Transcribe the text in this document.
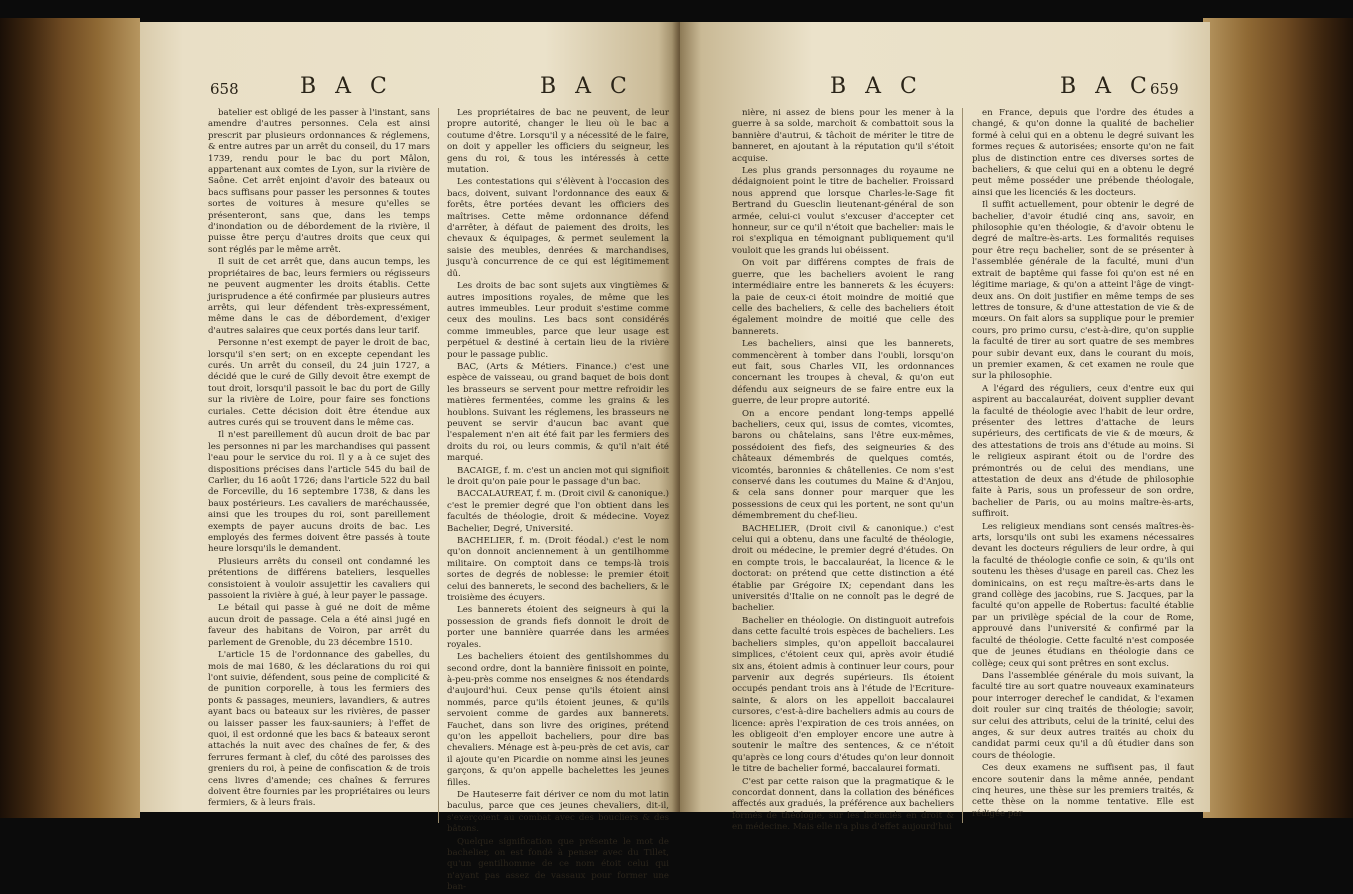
658	B A C	B A C

batelier est obligé de les passer à l'instant, sans amendre d'autres personnes. Cela est ainsi prescrit par plusieurs ordonnances & réglemens, & entre autres par un arrêt du conseil, du 17 mars 1739, rendu pour le bac du port Mâlon, appartenant aux comtes de Lyon, sur la rivière de Saône. Cet arrêt enjoint d'avoir des bateaux ou bacs suffisans pour passer les personnes & toutes sortes de voitures à mesure qu'elles se présenteront, sans que, dans les temps d'inondation ou de débordement de la rivière, il puisse être perçu d'autres droits que ceux qui sont réglés par le même arrêt.

Il suit de cet arrêt que, dans aucun temps, les propriétaires de bac, leurs fermiers ou régisseurs ne peuvent augmenter les droits établis. Cette jurisprudence a été confirmée par plusieurs autres arrêts, qui leur défendent très-expressément, même dans le cas de débordement, d'exiger d'autres salaires que ceux portés dans leur tarif.

Personne n'est exempt de payer le droit de bac, lorsqu'il s'en sert; on en excepte cependant les curés. Un arrêt du conseil, du 24 juin 1727, a décidé que le curé de Gilly devoit être exempt de tout droit, lorsqu'il passoit le bac du port de Gilly sur la rivière de Loire, pour faire ses fonctions curiales. Cette décision doit être étendue aux autres curés qui se trouvent dans le même cas.

Il n'est pareillement dû aucun droit de bac par les personnes ni par les marchandises qui passent l'eau pour le service du roi. Il y a à ce sujet des dispositions précises dans l'article 545 du bail de Carlier, du 16 août 1726; dans l'article 522 du bail de Forceville, du 16 septembre 1738, & dans les baux postérieurs. Les cavaliers de maréchaussée, ainsi que les troupes du roi, sont pareillement exempts de payer aucuns droits de bac. Les employés des fermes doivent être passés à toute heure lorsqu'ils le demandent.

Plusieurs arrêts du conseil ont condamné les prétentions de différens bateliers, lesquelles consistoient à vouloir assujettir les cavaliers qui passoient la rivière à gué, à leur payer le passage.

Le bétail qui passe à gué ne doit de même aucun droit de passage. Cela a été ainsi jugé en faveur des habitans de Voiron, par arrêt du parlement de Grenoble, du 23 décembre 1510.

L'article 15 de l'ordonnance des gabelles, du mois de mai 1680, & les déclarations du roi qui l'ont suivie, défendent, sous peine de complicité & de punition corporelle, à tous les fermiers des ponts & passages, meuniers, lavandiers, & autres ayant bacs ou bateaux sur les rivières, de passer ou laisser passer les faux-sauniers; à l'effet de quoi, il est ordonné que les bacs & bateaux seront attachés la nuit avec des chaînes de fer, & des ferrures fermant à clef, du côté des paroisses des greniers du roi, à peine de confiscation & de trois cens livres d'amende; ces chaînes & ferrures doivent être fournies par les propriétaires ou leurs fermiers, & à leurs frais.

Les propriétaires de bac ne peuvent, de leur propre autorité, changer le lieu où le bac a coutume d'être. Lorsqu'il y a nécessité de le faire, on doit y appeller les officiers du seigneur, les gens du roi, & tous les intéressés à cette mutation.

Les contestations qui s'élèvent à l'occasion des bacs, doivent, suivant l'ordonnance des eaux & forêts, être portées devant les officiers des maîtrises. Cette même ordonnance défend d'arrêter, à défaut de paiement des droits, les chevaux & équipages, & permet seulement la saisie des meubles, denrées & marchandises, jusqu'à concurrence de ce qui est légitimement dû.

Les droits de bac sont sujets aux vingtièmes & autres impositions royales, de même que les autres immeubles. Leur produit s'estime comme ceux des moulins. Les bacs sont considérés comme immeubles, parce que leur usage est perpétuel & destiné à certain lieu de la rivière pour le passage public.

BAC, (Arts & Métiers. Finance.) c'est une espèce de vaisseau, ou grand baquet de bois dont les brasseurs se servent pour mettre refroidir les matières fermentées, comme les grains & les houblons. Suivant les réglemens, les brasseurs ne peuvent se servir d'aucun bac avant que l'espalement n'en ait été fait par les fermiers des droits du roi, ou leurs commis, & qu'il n'ait été marqué.

BACAIGE, f. m. c'est un ancien mot qui signifioit le droit qu'on paie pour le passage d'un bac.

BACCALAUREAT, f. m. (Droit civil & canonique.) c'est le premier degré que l'on obtient dans les facultés de théologie, droit & médecine. Voyez Bachelier, Degré, Université.

BACHELIER, f. m. (Droit féodal.) c'est le nom qu'on donnoit anciennement à un gentilhomme militaire. On comptoit dans ce temps-là trois sortes de degrés de noblesse: le premier étoit celui des bannerets, le second des bacheliers, & le troisième des écuyers.

Les bannerets étoient des seigneurs à qui la possession de grands fiefs donnoit le droit de porter une bannière quarrée dans les armées royales.

Les bacheliers étoient des gentilshommes du second ordre, dont la bannière finissoit en pointe, à-peu-près comme nos enseignes & nos étendards d'aujourd'hui. Ceux pense qu'ils étoient ainsi nommés, parce qu'ils étoient jeunes, & qu'ils servoient comme de gardes aux bannerets. Fauchet, dans son livre des origines, prétend qu'on les appelloit bacheliers, pour dire bas chevaliers. Ménage est à-peu-près de cet avis, car il ajoute qu'en Picardie on nomme ainsi les jeunes garçons, & qu'on appelle bachelettes les jeunes filles.

De Hauteserre fait dériver ce nom du mot latin baculus, parce que ces jeunes chevaliers, dit-il, s'exerçoient au combat avec des boucliers & des bâtons.

Quelque signification que présente le mot de bachelier, on est fondé à penser avec du Tillet, qu'un gentilhomme de ce nom étoit celui qui n'ayant pas assez de vassaux pour former une ban-

B A C	B A C
659

nière, ni assez de biens pour les mener à la guerre à sa solde, marchoit & combattoit sous la bannière d'autrui, & tâchoit de mériter le titre de banneret, en ajoutant à la réputation qu'il s'étoit acquise.

Les plus grands personnages du royaume ne dédaignoient point le titre de bachelier. Froissard nous apprend que lorsque Charles-le-Sage fit Bertrand du Guesclin lieutenant-général de son armée, celui-ci voulut s'excuser d'accepter cet honneur, sur ce qu'il n'étoit que bachelier: mais le roi s'expliqua en témoignant publiquement qu'il vouloit que les grands lui obéissent.

On voit par différens comptes de frais de guerre, que les bacheliers avoient le rang intermédiaire entre les bannerets & les écuyers: la paie de ceux-ci étoit moindre de moitié que celle des bacheliers, & celle des bacheliers étoit également moindre de moitié que celle des bannerets.

Les bacheliers, ainsi que les bannerets, commencèrent à tomber dans l'oubli, lorsqu'on eut fait, sous Charles VII, les ordonnances concernant les troupes à cheval, & qu'on eut défendu aux seigneurs de se faire entre eux la guerre, de leur propre autorité.

On a encore pendant long-temps appellé bacheliers, ceux qui, issus de comtes, vicomtes, barons ou châtelains, sans l'être eux-mêmes, possédoient des fiefs, des seigneuries & des châteaux démembrés de quelques comtés, vicomtés, baronnies & châtellenies. Ce nom s'est conservé dans les coutumes du Maine & d'Anjou, & cela sans donner pour marquer que les possessions de ceux qui les portent, ne sont qu'un démembrement du chef-lieu.

BACHELIER, (Droit civil & canonique.) c'est celui qui a obtenu, dans une faculté de théologie, droit ou médecine, le premier degré d'études. On en compte trois, le baccalauréat, la licence & le doctorat: on prétend que cette distinction a été établie par Grégoire IX; cependant dans les universités d'Italie on ne connoît pas le degré de bachelier.

Bachelier en théologie. On distinguoit autrefois dans cette faculté trois espèces de bacheliers. Les bacheliers simples, qu'on appelloit baccalaurei simplices, c'étoient ceux qui, après avoir étudié six ans, étoient admis à continuer leur cours, pour parvenir aux degrés supérieurs. Ils étoient occupés pendant trois ans à l'étude de l'Ecriture-sainte, & alors on les appelloit baccalaurei cursores, c'est-à-dire bacheliers admis au cours de licence: après l'expiration de ces trois années, on les obligeoit d'en employer encore une autre à soutenir le maître des sentences, & ce n'étoit qu'après ce long cours d'études qu'on leur donnoit le titre de bachelier formé, baccalaurei formati.

C'est par cette raison que la pragmatique & le concordat donnent, dans la collation des bénéfices affectés aux gradués, la préférence aux bacheliers formés de théologie, sur les licenciés en droit & en médecine. Mais elle n'a plus d'effet aujourd'hui

en France, depuis que l'ordre des études a changé, & qu'on donne la qualité de bachelier formé à celui qui en a obtenu le degré suivant les formes reçues & autorisées; ensorte qu'on ne fait plus de distinction entre ces diverses sortes de bacheliers, & que celui qui en a obtenu le degré peut même posséder une prébende théologale, ainsi que les licenciés & les docteurs.

Il suffit actuellement, pour obtenir le degré de bachelier, d'avoir étudié cinq ans, savoir, en philosophie qu'en théologie, & d'avoir obtenu le degré de maître-ès-arts. Les formalités requises pour être reçu bachelier, sont de se présenter à l'assemblée générale de la faculté, muni d'un extrait de baptême qui fasse foi qu'on est né en légitime mariage, & qu'on a atteint l'âge de vingt-deux ans. On doit justifier en même temps de ses lettres de tonsure, & d'une attestation de vie & de mœurs. On fait alors sa supplique pour le premier cours, pro primo cursu, c'est-à-dire, qu'on supplie la faculté de tirer au sort quatre de ses membres pour subir devant eux, dans le courant du mois, un premier examen, & cet examen ne roule que sur la philosophie.

A l'égard des réguliers, ceux d'entre eux qui aspirent au baccalauréat, doivent supplier devant la faculté de théologie avec l'habit de leur ordre, présenter des lettres d'attache de leurs supérieurs, des certificats de vie & de mœurs, & des attestations de trois ans d'étude au moins. Si le religieux aspirant étoit ou de l'ordre des prémontrés ou de celui des mendians, une attestation de deux ans d'étude de philosophie faite à Paris, sous un professeur de son ordre, bachelier de Paris, ou au moins maître-ès-arts, suffiroit.

Les religieux mendians sont censés maîtres-ès-arts, lorsqu'ils ont subi les examens nécessaires devant les docteurs réguliers de leur ordre, à qui la faculté de théologie confie ce soin, & qu'ils ont soutenu les thèses d'usage en pareil cas. Chez les dominicains, on est reçu maître-ès-arts dans le grand collège des jacobins, rue S. Jacques, par la faculté qu'on appelle de Robertus: faculté établie par un privilège spécial de la cour de Rome, approuvé dans l'université & confirmé par la faculté de théologie. Cette faculté n'est composée que de jeunes étudians en théologie dans ce collège; ceux qui sont prêtres en sont exclus.

Dans l'assemblée générale du mois suivant, la faculté tire au sort quatre nouveaux examinateurs pour interroger derechef le candidat, & l'examen doit rouler sur cinq traités de théologie; savoir, sur celui des attributs, celui de la trinité, celui des anges, & sur deux autres traités au choix du candidat parmi ceux qu'il a dû étudier dans son cours de théologie.

Ces deux examens ne suffisent pas, il faut encore soutenir dans la même année, pendant cinq heures, une thèse sur les premiers traités, & cette thèse on la nomme tentative. Elle est rédigée par
